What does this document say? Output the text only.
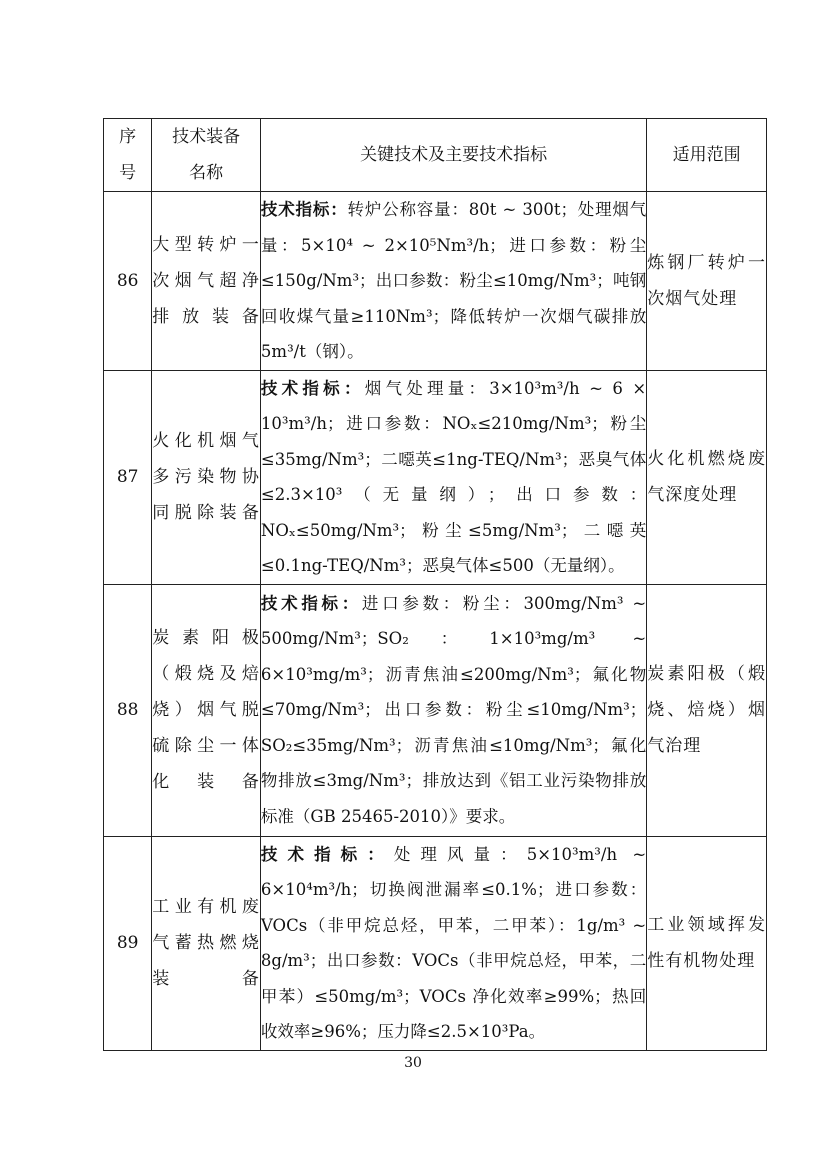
序号	技术装备名称	关键技术及主要技术指标	适用范围
86	大型转炉一次烟气超净排放装备	技术指标：转炉公称容量：80t ~ 300t；处理烟气量：5×10⁴ ~ 2×10⁵Nm³/h；进口参数：粉尘≤150g/Nm³；出口参数：粉尘≤10mg/Nm³；吨钢回收煤气量≥110Nm³；降低转炉一次烟气碳排放 5m³/t（钢）。	炼钢厂转炉一次烟气处理
87	火化机烟气多污染物协同脱除装备	技术指标：烟气处理量：3×10³m³/h ~ 6 × 10³m³/h；进口参数：NOₓ≤210mg/Nm³；粉尘≤35mg/Nm³；二噁英≤1ng-TEQ/Nm³；恶臭气体≤2.3×10³（无量纲）；出口参数：NOₓ≤50mg/Nm³；粉尘≤5mg/Nm³；二噁英≤0.1ng-TEQ/Nm³；恶臭气体≤500（无量纲）。	火化机燃烧废气深度处理
88	炭素阳极（煅烧及焙烧）烟气脱硫除尘一体化装备	技术指标：进口参数：粉尘：300mg/Nm³ ~ 500mg/Nm³；SO₂：1×10³mg/m³ ~ 6×10³mg/m³；沥青焦油≤200mg/Nm³；氟化物≤70mg/Nm³；出口参数：粉尘≤10mg/Nm³；SO₂≤35mg/Nm³；沥青焦油≤10mg/Nm³；氟化物排放≤3mg/Nm³；排放达到《铝工业污染物排放标准（GB 25465-2010）》要求。	炭素阳极（煅烧、焙烧）烟气治理
89	工业有机废气蓄热燃烧装备	技术指标：处理风量：5×10³m³/h ~ 6×10⁴m³/h；切换阀泄漏率≤0.1%；进口参数：VOCs（非甲烷总烃，甲苯，二甲苯）：1g/m³ ~ 8g/m³；出口参数：VOCs（非甲烷总烃，甲苯，二甲苯）≤50mg/m³；VOCs 净化效率≥99%；热回收效率≥96%；压力降≤2.5×10³Pa。	工业领域挥发性有机物处理
30
